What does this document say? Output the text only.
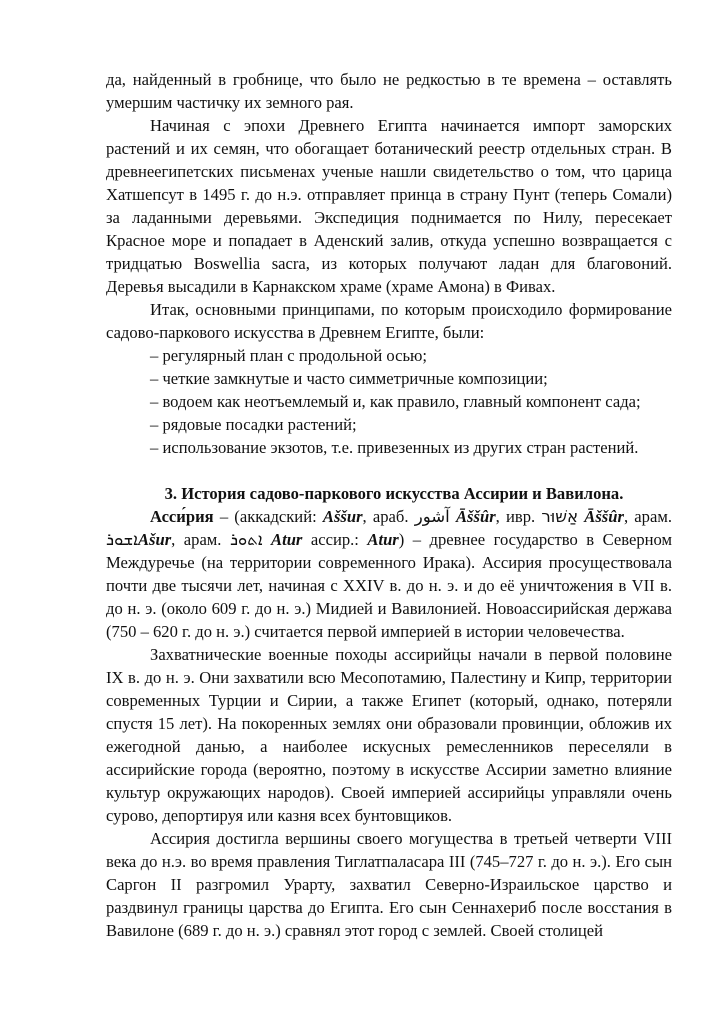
да, найденный в гробнице, что было не редкостью в те времена – оставлять умершим частичку их земного рая.

Начиная с эпохи Древнего Египта начинается импорт заморских растений и их семян, что обогащает ботанический реестр отдельных стран. В древнеегипетских письменах ученые нашли свидетельство о том, что царица Хатшепсут в 1495 г. до н.э. отправляет принца в страну Пунт (теперь Сомали) за ладанными деревьями. Экспедиция поднимается по Нилу, пересекает Красное море и попадает в Аденский залив, откуда успешно возвращается с тридцатью Boswellia sacra, из которых получают ладан для благовоний. Деревья высадили в Карнакском храме (храме Амона) в Фивах.

Итак, основными принципами, по которым происходило формирование садово-паркового искусства в Древнем Египте, были:

– регулярный план с продольной осью;

– четкие замкнутые и часто симметричные композиции;

– водоем как неотъемлемый и, как правило, главный компонент сада;

– рядовые посадки растений;

– использование экзотов, т.е. привезенных из других стран растений.

3. История садово-паркового искусства Ассирии и Вавилона.

Асси́рия – (аккадский: Aššur, араб. آشور Āššûr, ивр. אַשּׁוּר Āššûr, арам. ܐܫܘܪAšur, арам. ܐܬܘܪ Atur ассир.: Atur) – древнее государство в Северном Междуречье (на территории современного Ирака). Ассирия просуществовала почти две тысячи лет, начиная с XXIV в. до н. э. и до её уничтожения в VII в. до н. э. (около 609 г. до н. э.) Мидией и Вавилонией. Новоассирийская держава (750 – 620 г. до н. э.) считается первой империей в истории человечества.

Захватнические военные походы ассирийцы начали в первой половине IX в. до н. э. Они захватили всю Месопотамию, Палестину и Кипр, территории современных Турции и Сирии, а также Египет (который, однако, потеряли спустя 15 лет). На покоренных землях они образовали провинции, обложив их ежегодной данью, а наиболее искусных ремесленников переселяли в ассирийские города (вероятно, поэтому в искусстве Ассирии заметно влияние культур окружающих народов). Своей империей ассирийцы управляли очень сурово, депортируя или казня всех бунтовщиков.

Ассирия достигла вершины своего могущества в третьей четверти VIII века до н.э. во время правления Тиглатпаласара III (745–727 г. до н. э.). Его сын Саргон II разгромил Урарту, захватил Северно-Израильское царство и раздвинул границы царства до Египта. Его сын Сеннахериб после восстания в Вавилоне (689 г. до н. э.) сравнял этот город с землей. Своей столицей
